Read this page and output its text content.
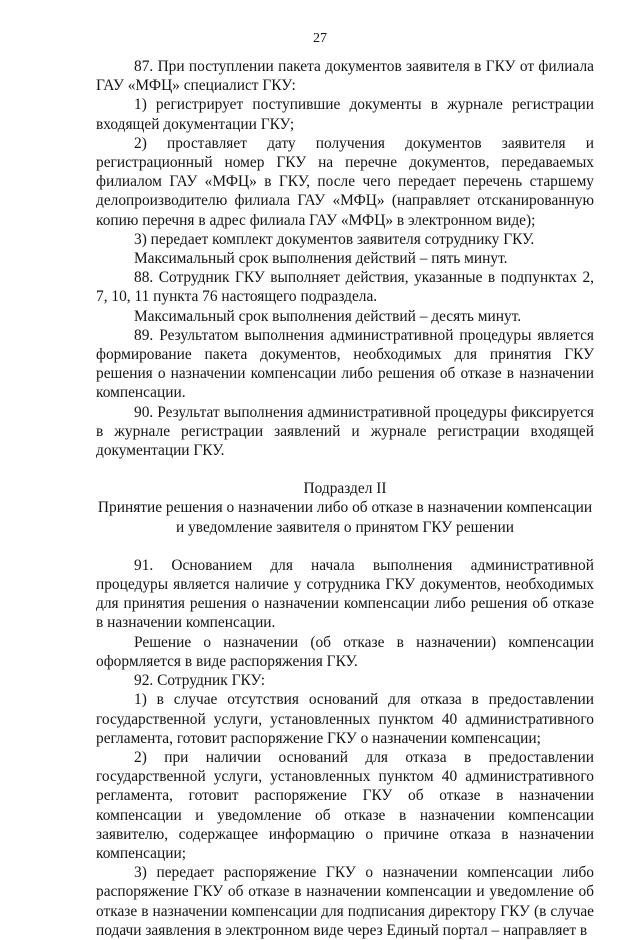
27

87. При поступлении пакета документов заявителя в ГКУ от филиала ГАУ «МФЦ» специалист ГКУ:

1) регистрирует поступившие документы в журнале регистрации входящей документации ГКУ;

2) проставляет дату получения документов заявителя и регистрационный номер ГКУ на перечне документов, передаваемых филиалом ГАУ «МФЦ» в ГКУ, после чего передает перечень старшему делопроизводителю филиала ГАУ «МФЦ» (направляет отсканированную копию перечня в адрес филиала ГАУ «МФЦ» в электронном виде);

3) передает комплект документов заявителя сотруднику ГКУ.

Максимальный срок выполнения действий – пять минут.

88. Сотрудник ГКУ выполняет действия, указанные в подпунктах 2, 7, 10, 11 пункта 76 настоящего подраздела.

Максимальный срок выполнения действий – десять минут.

89. Результатом выполнения административной процедуры является формирование пакета документов, необходимых для принятия ГКУ решения о назначении компенсации либо решения об отказе в назначении компенсации.

90. Результат выполнения административной процедуры фиксируется в журнале регистрации заявлений и журнале регистрации входящей документации ГКУ.

Подраздел II

Принятие решения о назначении либо об отказе в назначении компенсации

и уведомление заявителя о принятом ГКУ решении

91. Основанием для начала выполнения административной процедуры является наличие у сотрудника ГКУ документов, необходимых для принятия решения о назначении компенсации либо решения об отказе в назначении компенсации.

Решение о назначении (об отказе в назначении) компенсации оформляется в виде распоряжения ГКУ.

92. Сотрудник ГКУ:

1) в случае отсутствия оснований для отказа в предоставлении государственной услуги, установленных пунктом 40 административного регламента, готовит распоряжение ГКУ о назначении компенсации;

2) при наличии оснований для отказа в предоставлении государственной услуги, установленных пунктом 40 административного регламента, готовит распоряжение ГКУ об отказе в назначении компенсации и уведомление об отказе в назначении компенсации заявителю, содержащее информацию о причине отказа в назначении компенсации;

3) передает распоряжение ГКУ о назначении компенсации либо распоряжение ГКУ об отказе в назначении компенсации и уведомление об отказе в назначении компенсации для подписания директору ГКУ (в случае подачи заявления в электронном виде через Единый портал – направляет в
